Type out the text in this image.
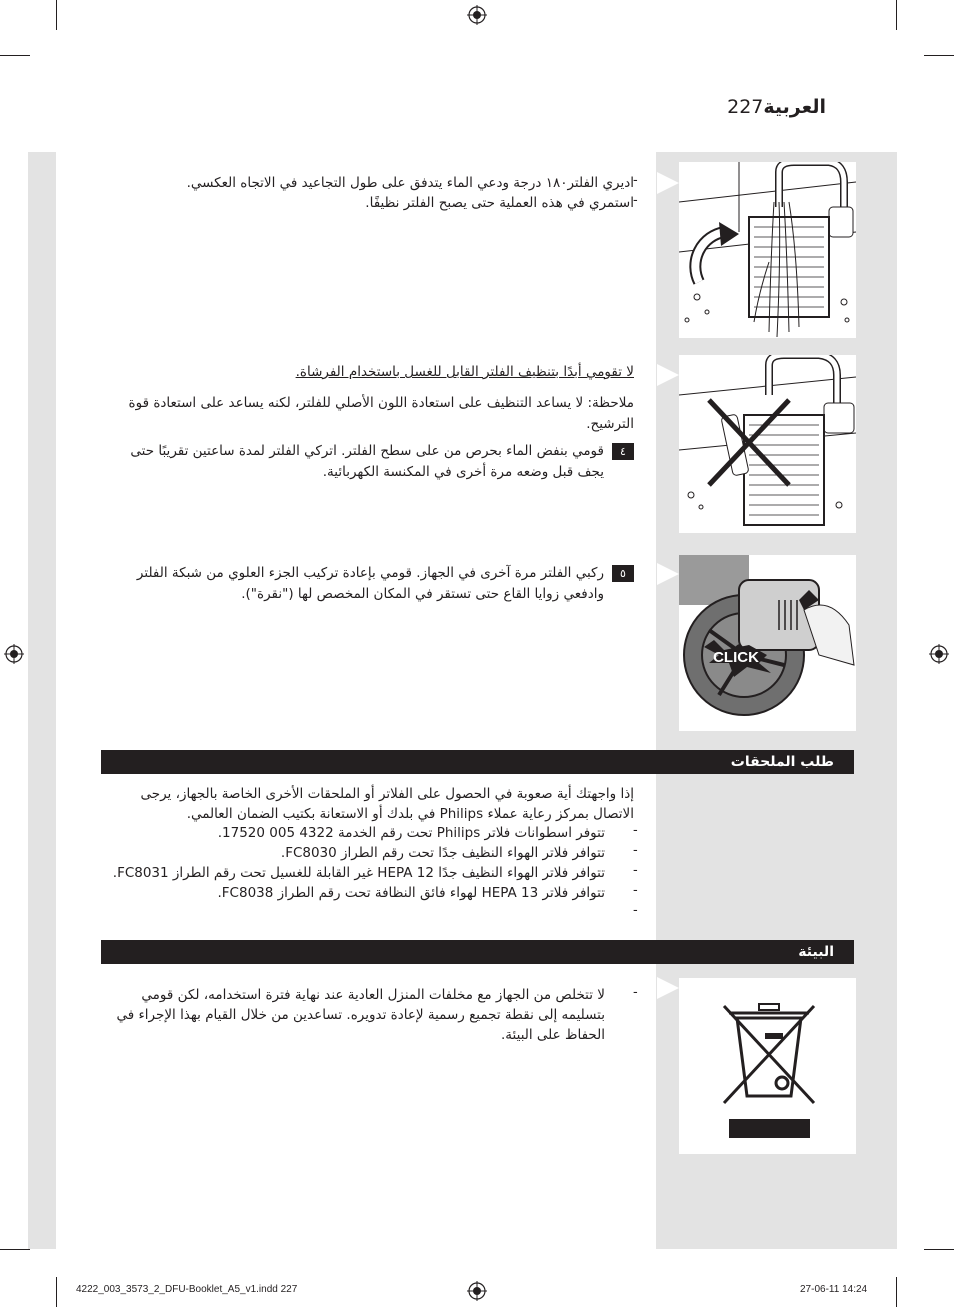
العربية227
اديري الفلتر١٨٠ درجة ودعي الماء يتدفق على طول التجاعيد في الاتجاه العكسي. -
استمري في هذه العملية حتى يصبح الفلتر نظيفًا. -
لا تقومي أبدًا بتنظيف الفلتر القابل للغسل باستخدام الفرشاة.
ملاحظة: لا يساعد التنظيف على استعادة اللون الأصلي للفلتر، لكنه يساعد على استعادة قوة
الترشيح.
٤
قومي بنفض الماء بحرص من على سطح الفلتر. اتركي الفلتر لمدة ساعتين تقريبًا حتى
يجف قبل وضعه مرة أخرى في المكنسة الكهربائية.
٥
ركبي الفلتر مرة آخرى في الجهاز. قومي بإعادة تركيب الجزء العلوي من شبكة الفلتر
وادفعي زوايا القاع حتى تستقر في المكان المخصص لها ("نقرة").
CLICK
طلب الملحقات
إذا واجهتك أية صعوبة في الحصول على الفلاتر أو الملحقات الأخرى الخاصة بالجهاز، يرجى
الاتصال بمركز رعاية عملاء Philips في بلدك أو الاستعانة بكتيب الضمان العالمي.
تتوفر اسطوانات فلاتر Philips تحت رقم الخدمة 4322 005 17520. -
تتوافر فلاتر الهواء النظيف جدًا تحت رقم الطراز FC8030. -
تتوافر فلاتر الهواء النظيف جدًا HEPA 12 غير القابلة للغسيل تحت رقم الطراز FC8031. -
تتوافر فلاتر HEPA 13 لهواء فائق النظافة تحت رقم الطراز FC8038. -
-
البيئة
لا تتخلص من الجهاز مع مخلفات المنزل العادية عند نهاية فترة استخدامه، لكن قومي
بتسليمه إلى نقطة تجميع رسمية لإعادة تدويره. تساعدين من خلال القيام بهذا الإجراء في
الحفاظ على البيئة.
-
4222_003_3573_2_DFU-Booklet_A5_v1.indd 227	27-06-11 14:24
